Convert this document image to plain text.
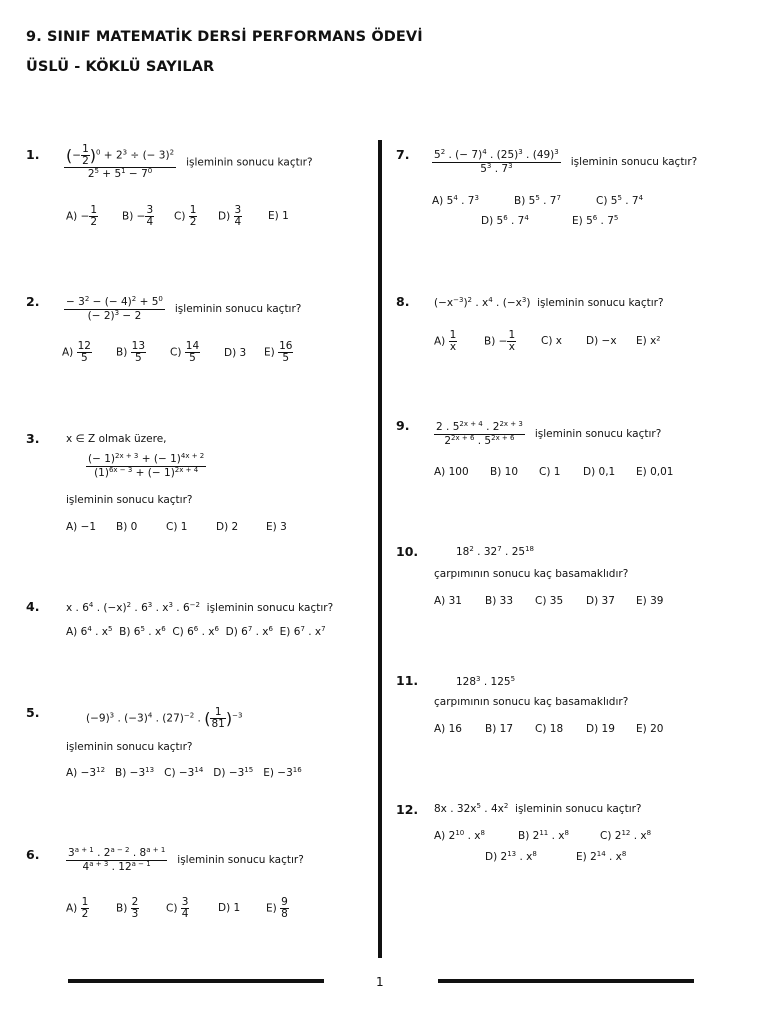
9. SINIF MATEMATİK DERSİ PERFORMANS ÖDEVİ
ÜSLÜ - KÖKLÜ SAYILAR
1. $\frac{(- \frac{1}{2} )^0 + 2^3 \div (- 3)^2}{2^5 + 5^1 - 7^0}$ işleminin sonucu kaçtır?
$A) - \frac{1}{2} B) - \frac{3}{4} C) \frac{1}{2} D) \frac{3}{4} E$) 1
2. $\frac{- 3^2 - (- 4)^2 + 5^0}{(- 2)^3 - 2}$ işleminin sonucu kaçtır?
$A) \frac{12}{5} B) \frac{13}{5} C) \frac{14}{5} D$) 3 $E) \frac{16}{5}$
3.	x ∈ Z olmak üzere,
$\frac{(- 1)^{2x + 3} + (- 1)^{4x + 2}}{(1)^{6x - 3} + (- 1)^{2x + 4}}$
işleminin sonucu kaçtır?
A) −1 B) 0	C) 1	D) 2	E) 3
4.	x . $6^4$ . $(-x)^2$ . $6^3$ . $x^3$ . $6^{-2}$ işleminin sonucu kaçtır?
A) $6^4$ . $x^5$  B) $6^5$ . $x^6$  C) $6^6$ . $x^6$  D) $6^7$ . $x^6$  E) $6^7$ . $x^7$
5.	$(-9)^3$ . $(-3)^4$ . $(27)^{-2}$ . ( $\frac{1}{81} )^{-3}$
işleminin sonucu kaçtır?
$A) -3^{12}$   $B) -3^{13}$   $C) -3^{14}$   $D) -3^{15}$   $E) -3^{16}$
6.	$\frac{3^{a + 1} . 2^{a - 2} . 8^{a + 1}}{4^{a + 3} . 12^{a - 1}}$ işleminin sonucu kaçtır?
$A) \frac{1}{2}$	$B) \frac{2}{3}$	$C) \frac{3}{4}$	D) 1 $E) \frac{9}{8}$
7. $\frac{5^2 . (- 7)^4 . (25)^3 . (49)^3}{5^3 . 7^3}$ işleminin sonucu kaçtır?
A) $5^4$ . $7^3$	B) $5^5$ . $7^7$	C) $5^5$ . $7^4$
D) $5^6$ . $7^4$	E) $5^6$ . $7^5$
8. $(-x^{-3})^2$ . $x^4$ . $(-x^3)$  işleminin sonucu kaçtır?
$A) \frac{1}{x}$	$B) - \frac{1}{x} C$) x D) −x E) x²
9. $\frac{2 . 5^{2x + 4} . 2^{2x + 3}}{2^{2x + 6} . 5^{2x + 6}}$ işleminin sonucu kaçtır?
A) 100 B) 10 C) 1 D) 0,1 E) 0,01
10.	$18^2$ . $32^7$ . $25^{18}$
çarpımının sonucu kaç basamaklıdır?
A) 31 B) 33 C) 35 D) 37 E) 39
11.	$128^3$ . $125^5$
çarpımının sonucu kaç basamaklıdır?
A) 16 B) 17 C) 18 D) 19 E) 20
12. 8x . $32x^5$ . $4x^2$ işleminin sonucu kaçtır?
A) $2^{10}$ . $x^8$	B) $2^{11}$ . $x^8$	C) $2^{12}$ . $x^8$
D) $2^{13}$ . $x^8$	E) $2^{14}$ . $x^8$
1
